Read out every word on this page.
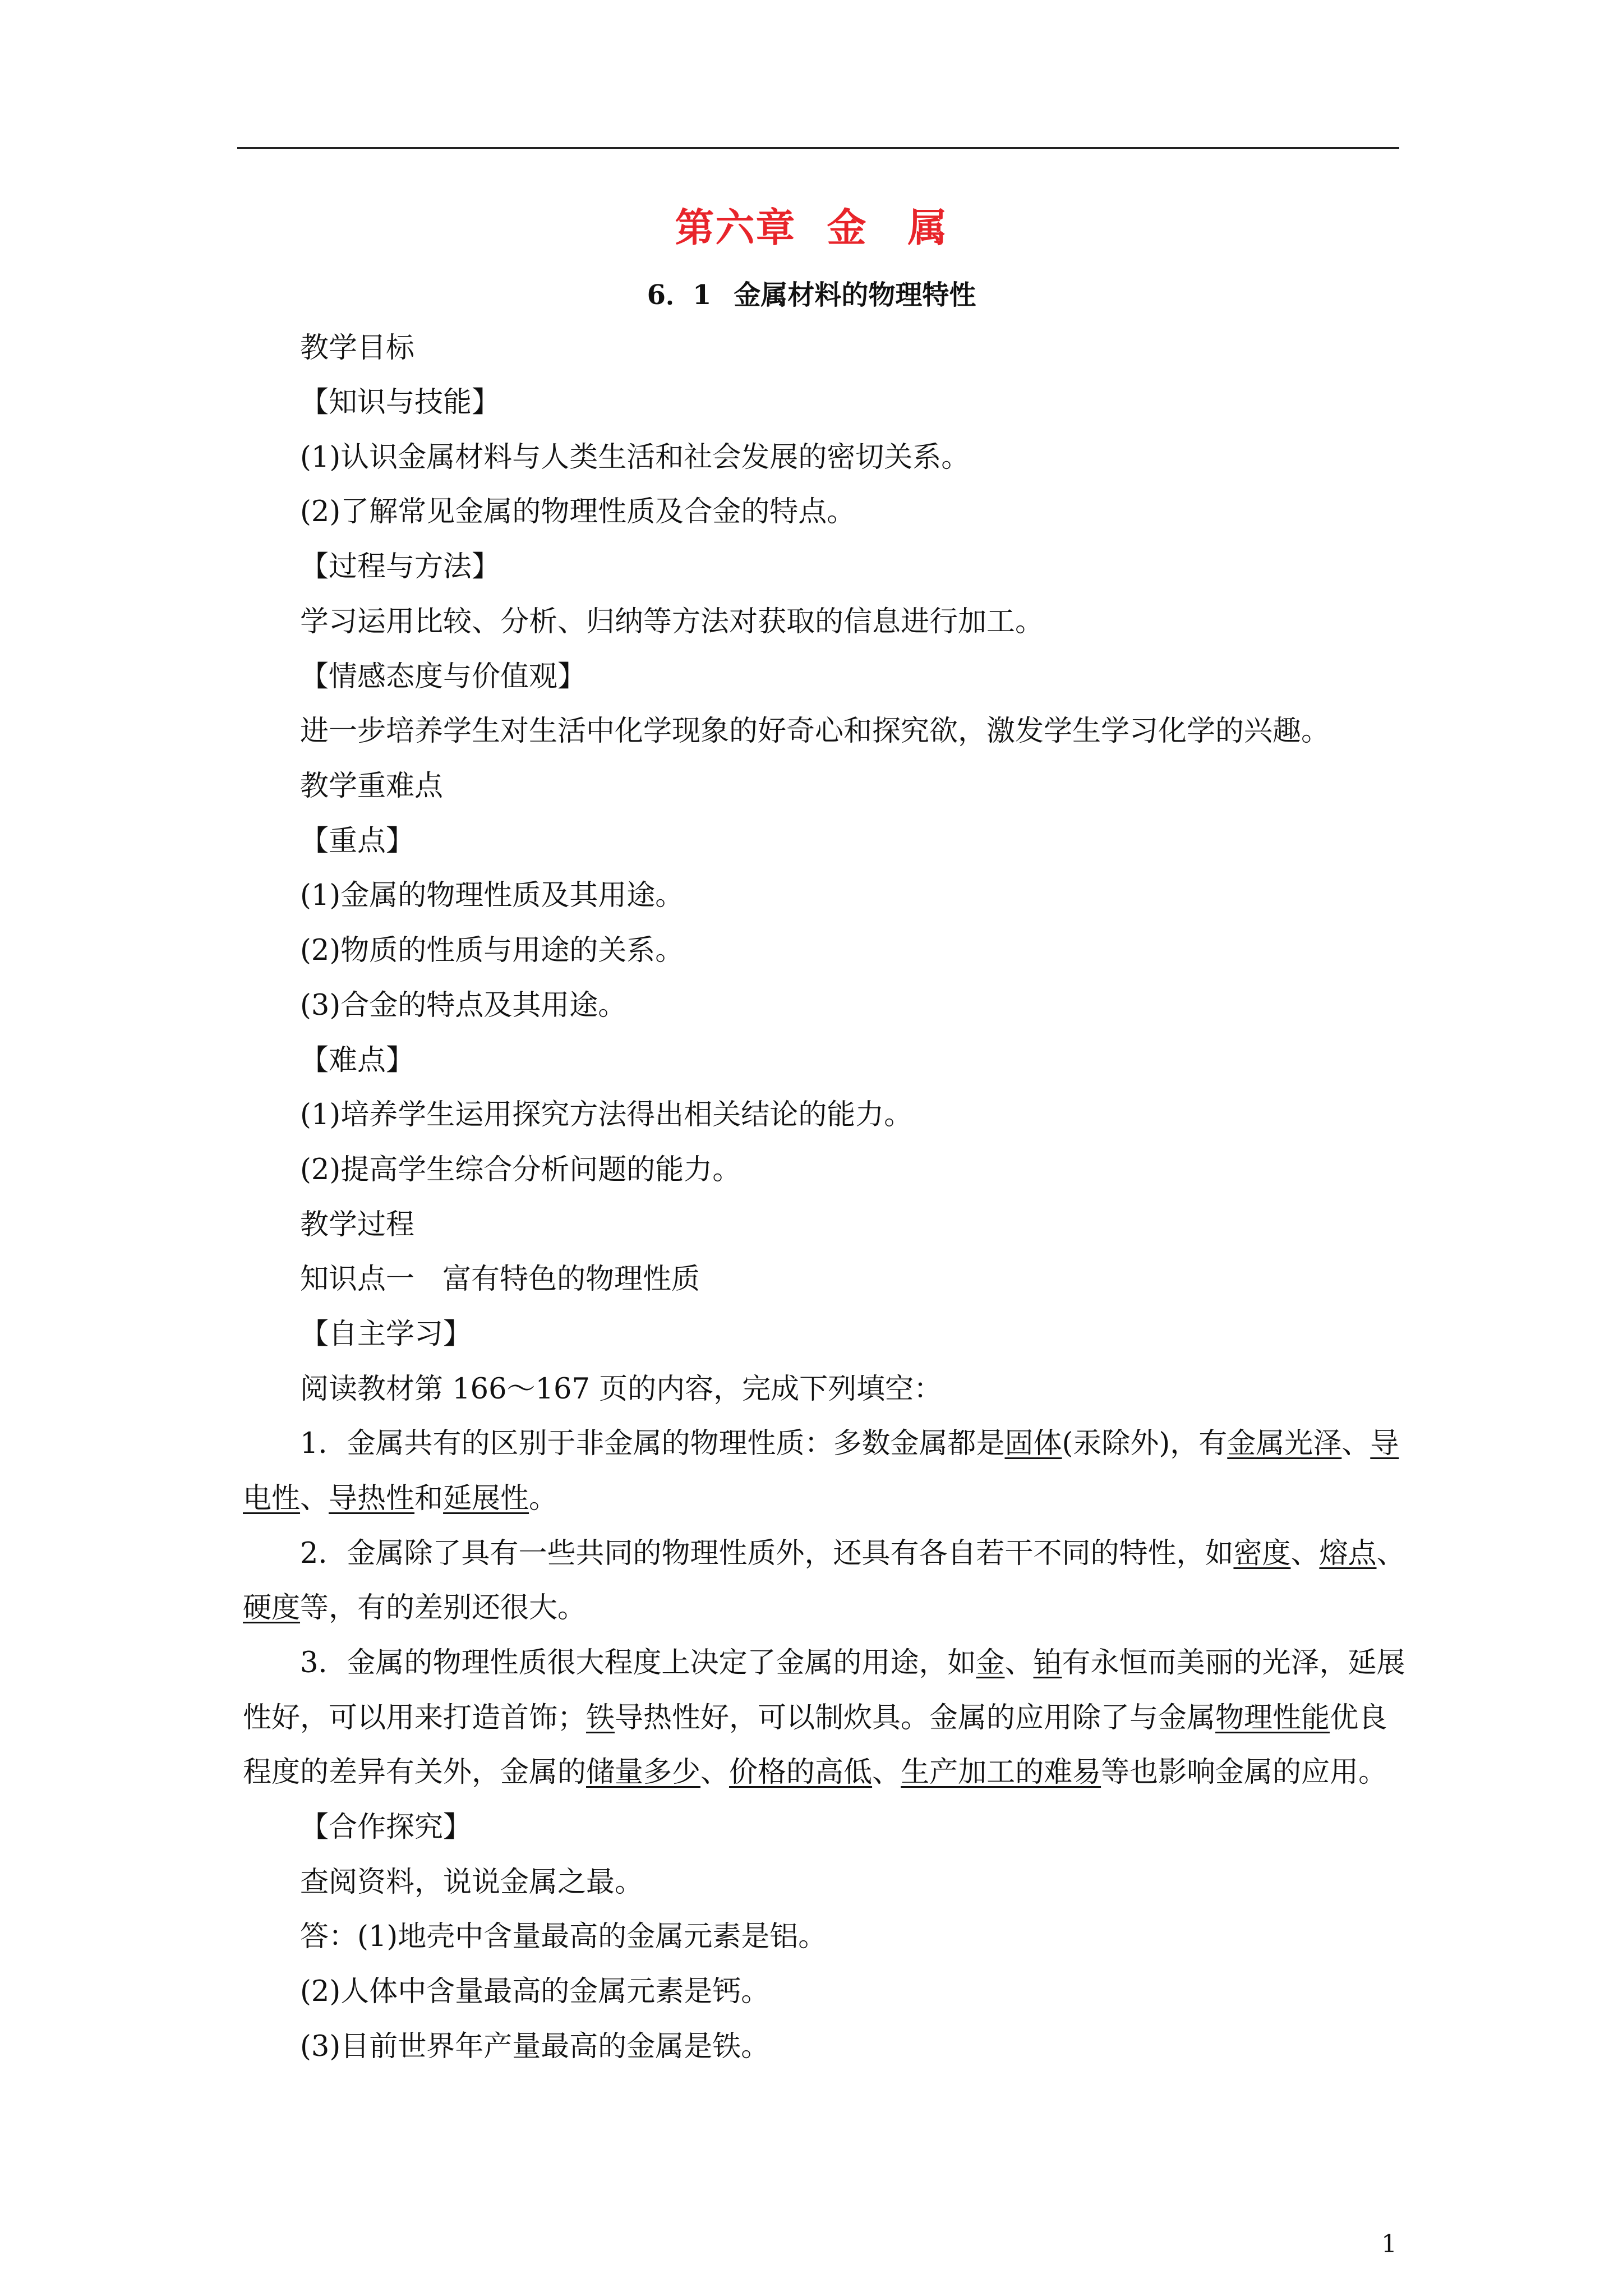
第六章 金　属
6．1 金属材料的物理特性
教学目标
【知识与技能】
(1)认识金属材料与人类生活和社会发展的密切关系。
(2)了解常见金属的物理性质及合金的特点。
【过程与方法】
学习运用比较、分析、归纳等方法对获取的信息进行加工。
【情感态度与价值观】
进一步培养学生对生活中化学现象的好奇心和探究欲，激发学生学习化学的兴趣。
教学重难点
【重点】
(1)金属的物理性质及其用途。
(2)物质的性质与用途的关系。
(3)合金的特点及其用途。
【难点】
(1)培养学生运用探究方法得出相关结论的能力。
(2)提高学生综合分析问题的能力。
教学过程
知识点一 富有特色的物理性质
【自主学习】
阅读教材第 166～167 页的内容，完成下列填空：
1．金属共有的区别于非金属的物理性质：多数金属都是固体(汞除外)，有金属光泽、导
电性、导热性和延展性。
2．金属除了具有一些共同的物理性质外，还具有各自若干不同的特性，如密度、熔点、
硬度等，有的差别还很大。
3．金属的物理性质很大程度上决定了金属的用途，如金、铂有永恒而美丽的光泽，延展
性好，可以用来打造首饰；铁导热性好，可以制炊具。金属的应用除了与金属物理性能优良
程度的差异有关外，金属的储量多少、价格的高低、生产加工的难易等也影响金属的应用。
【合作探究】
查阅资料，说说金属之最。
答：(1)地壳中含量最高的金属元素是铝。
(2)人体中含量最高的金属元素是钙。
(3)目前世界年产量最高的金属是铁。
1
